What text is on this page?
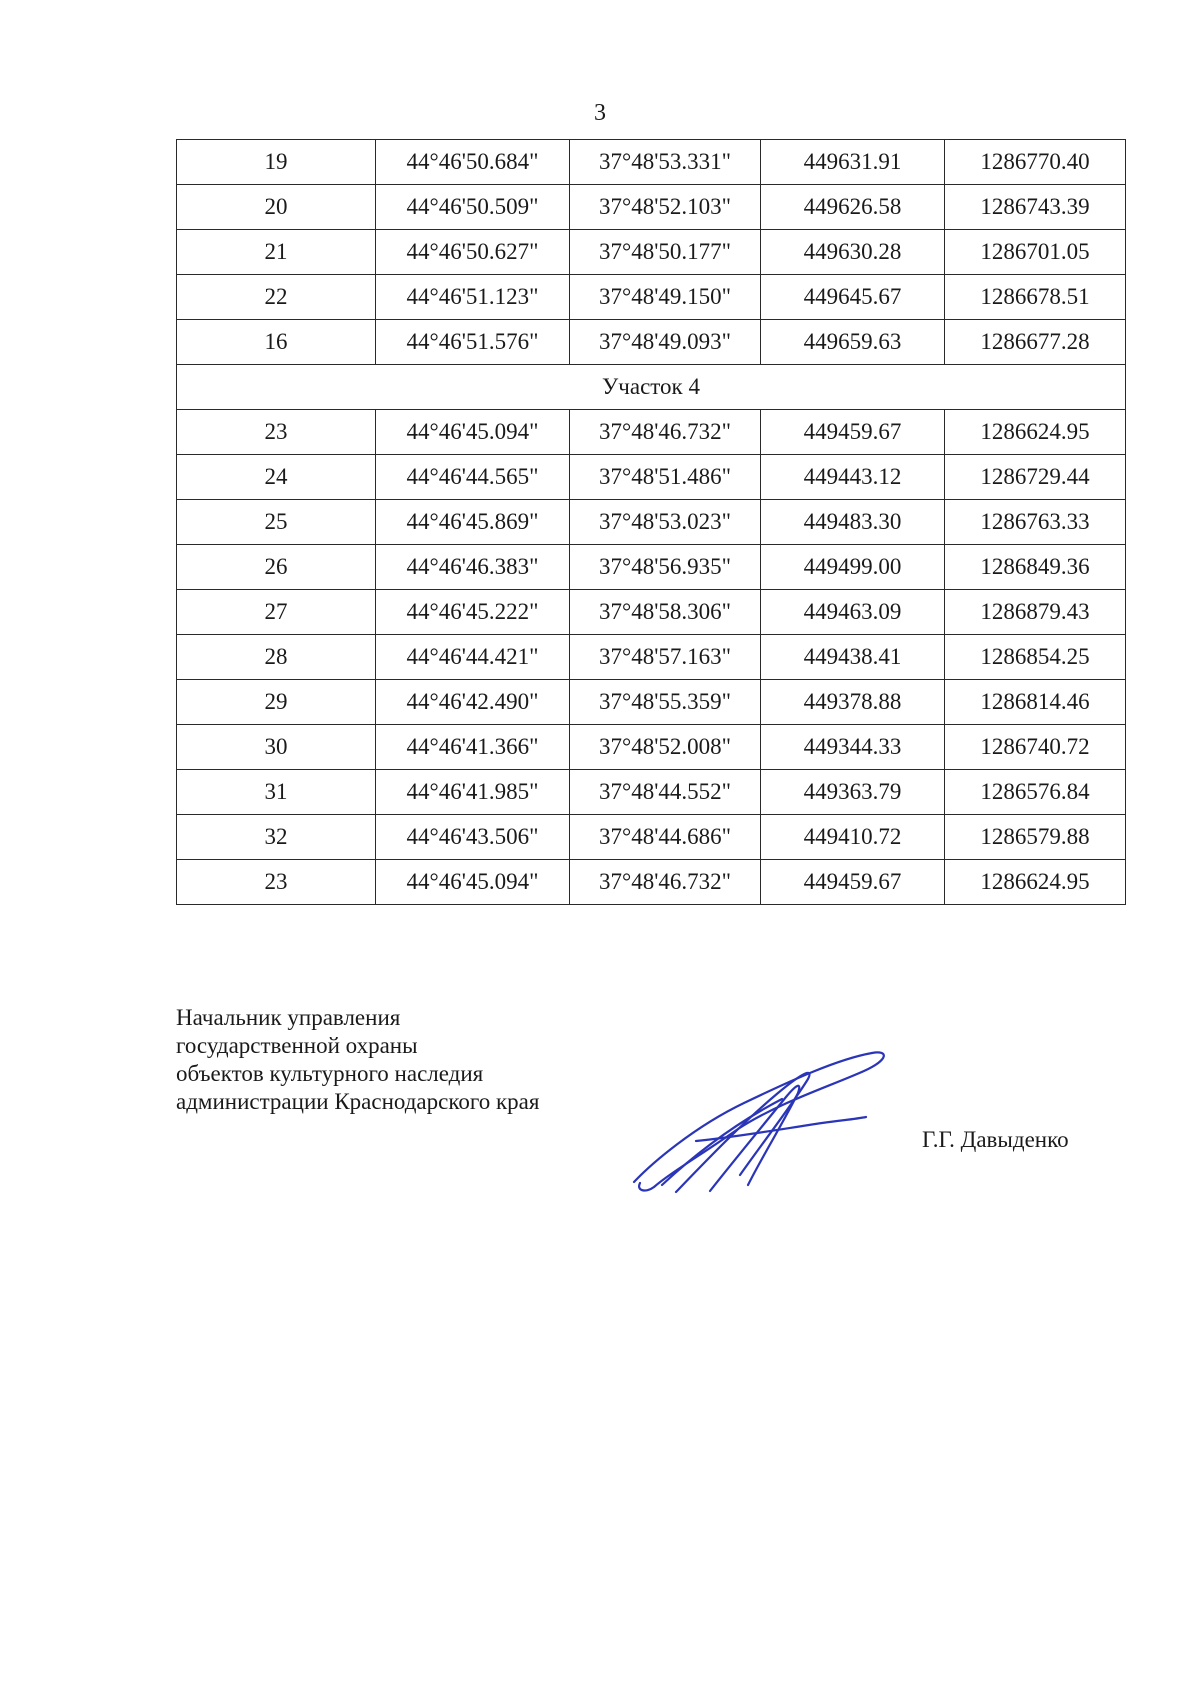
3
19	44°46'50.684"	37°48'53.331"	449631.91	1286770.40
20	44°46'50.509"	37°48'52.103"	449626.58	1286743.39
21	44°46'50.627"	37°48'50.177"	449630.28	1286701.05
22	44°46'51.123"	37°48'49.150"	449645.67	1286678.51
16	44°46'51.576"	37°48'49.093"	449659.63	1286677.28
Участок 4				
23	44°46'45.094"	37°48'46.732"	449459.67	1286624.95
24	44°46'44.565"	37°48'51.486"	449443.12	1286729.44
25	44°46'45.869"	37°48'53.023"	449483.30	1286763.33
26	44°46'46.383"	37°48'56.935"	449499.00	1286849.36
27	44°46'45.222"	37°48'58.306"	449463.09	1286879.43
28	44°46'44.421"	37°48'57.163"	449438.41	1286854.25
29	44°46'42.490"	37°48'55.359"	449378.88	1286814.46
30	44°46'41.366"	37°48'52.008"	449344.33	1286740.72
31	44°46'41.985"	37°48'44.552"	449363.79	1286576.84
32	44°46'43.506"	37°48'44.686"	449410.72	1286579.88
23	44°46'45.094"	37°48'46.732"	449459.67	1286624.95
Начальник управления
государственной охраны
объектов культурного наследия
администрации Краснодарского края
Г.Г. Давыденко
